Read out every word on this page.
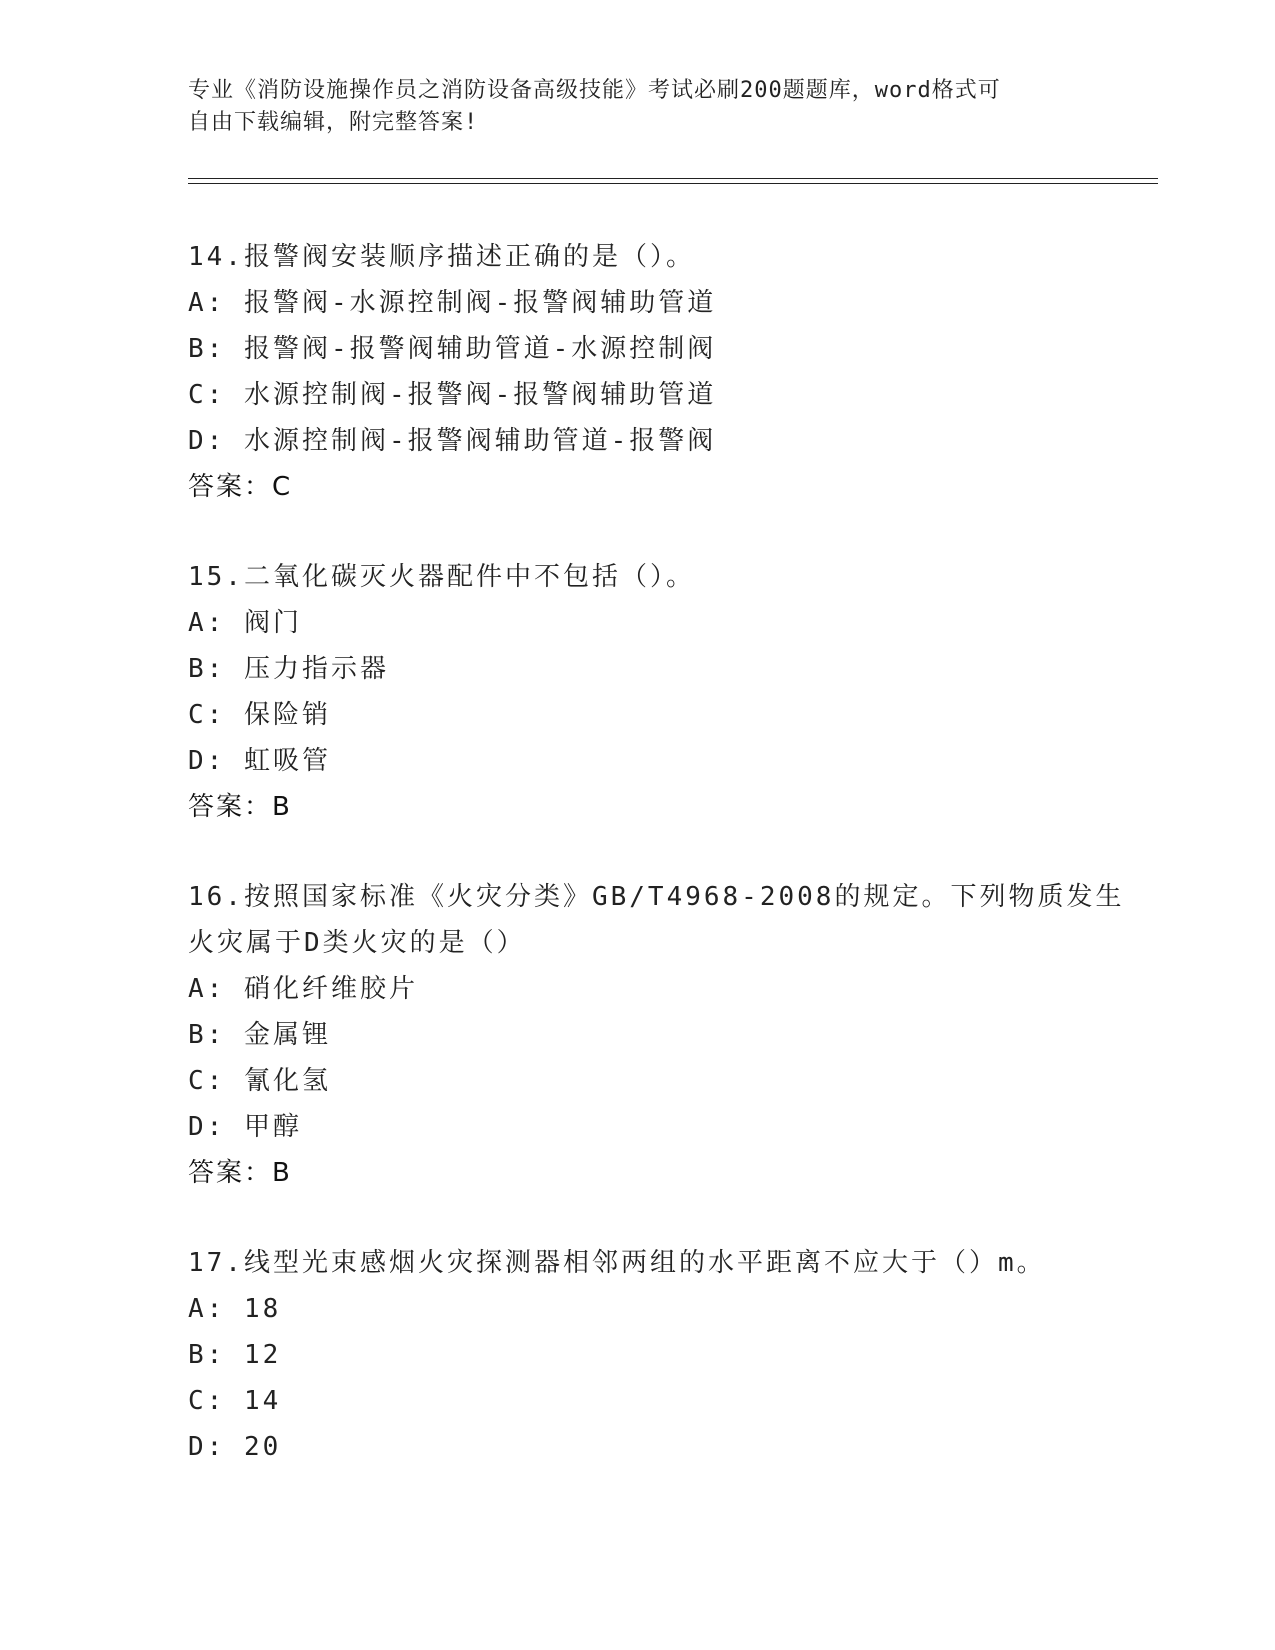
专业《消防设施操作员之消防设备高级技能》考试必刷200题题库，word格式可
自由下载编辑，附完整答案!
14.报警阀安装顺序描述正确的是（）。
A: 报警阀-水源控制阀-报警阀辅助管道
B: 报警阀-报警阀辅助管道-水源控制阀
C: 水源控制阀-报警阀-报警阀辅助管道
D: 水源控制阀-报警阀辅助管道-报警阀
答案：C
15.二氧化碳灭火器配件中不包括（）。
A: 阀门
B: 压力指示器
C: 保险销
D: 虹吸管
答案：B
16.按照国家标准《火灾分类》GB/T4968-2008的规定。下列物质发生
火灾属于D类火灾的是（）
A: 硝化纤维胶片
B: 金属锂
C: 氰化氢
D: 甲醇
答案：B
17.线型光束感烟火灾探测器相邻两组的水平距离不应大于（）m。
A: 18
B: 12
C: 14
D: 20
